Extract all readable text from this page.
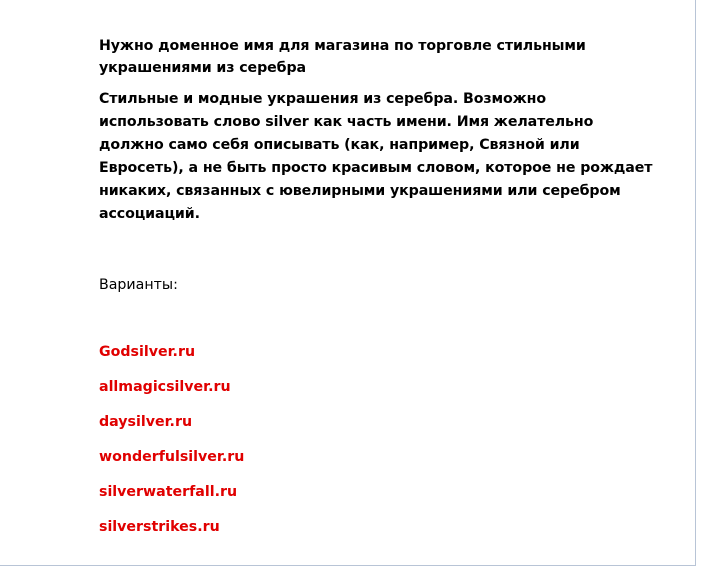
Нужно доменное имя для магазина по торговле стильными украшениями из серебра

Стильные и модные украшения из серебра. Возможно использовать слово silver как часть имени. Имя желательно должно само себя описывать (как, например, Связной или Евросеть), а не быть просто красивым словом, которое не рождает никаких, связанных с ювелирными украшениями или серебром ассоциаций.

Варианты:

Godsilver.ru
allmagicsilver.ru
daysilver.ru
wonderfulsilver.ru
silverwaterfall.ru
silverstrikes.ru
